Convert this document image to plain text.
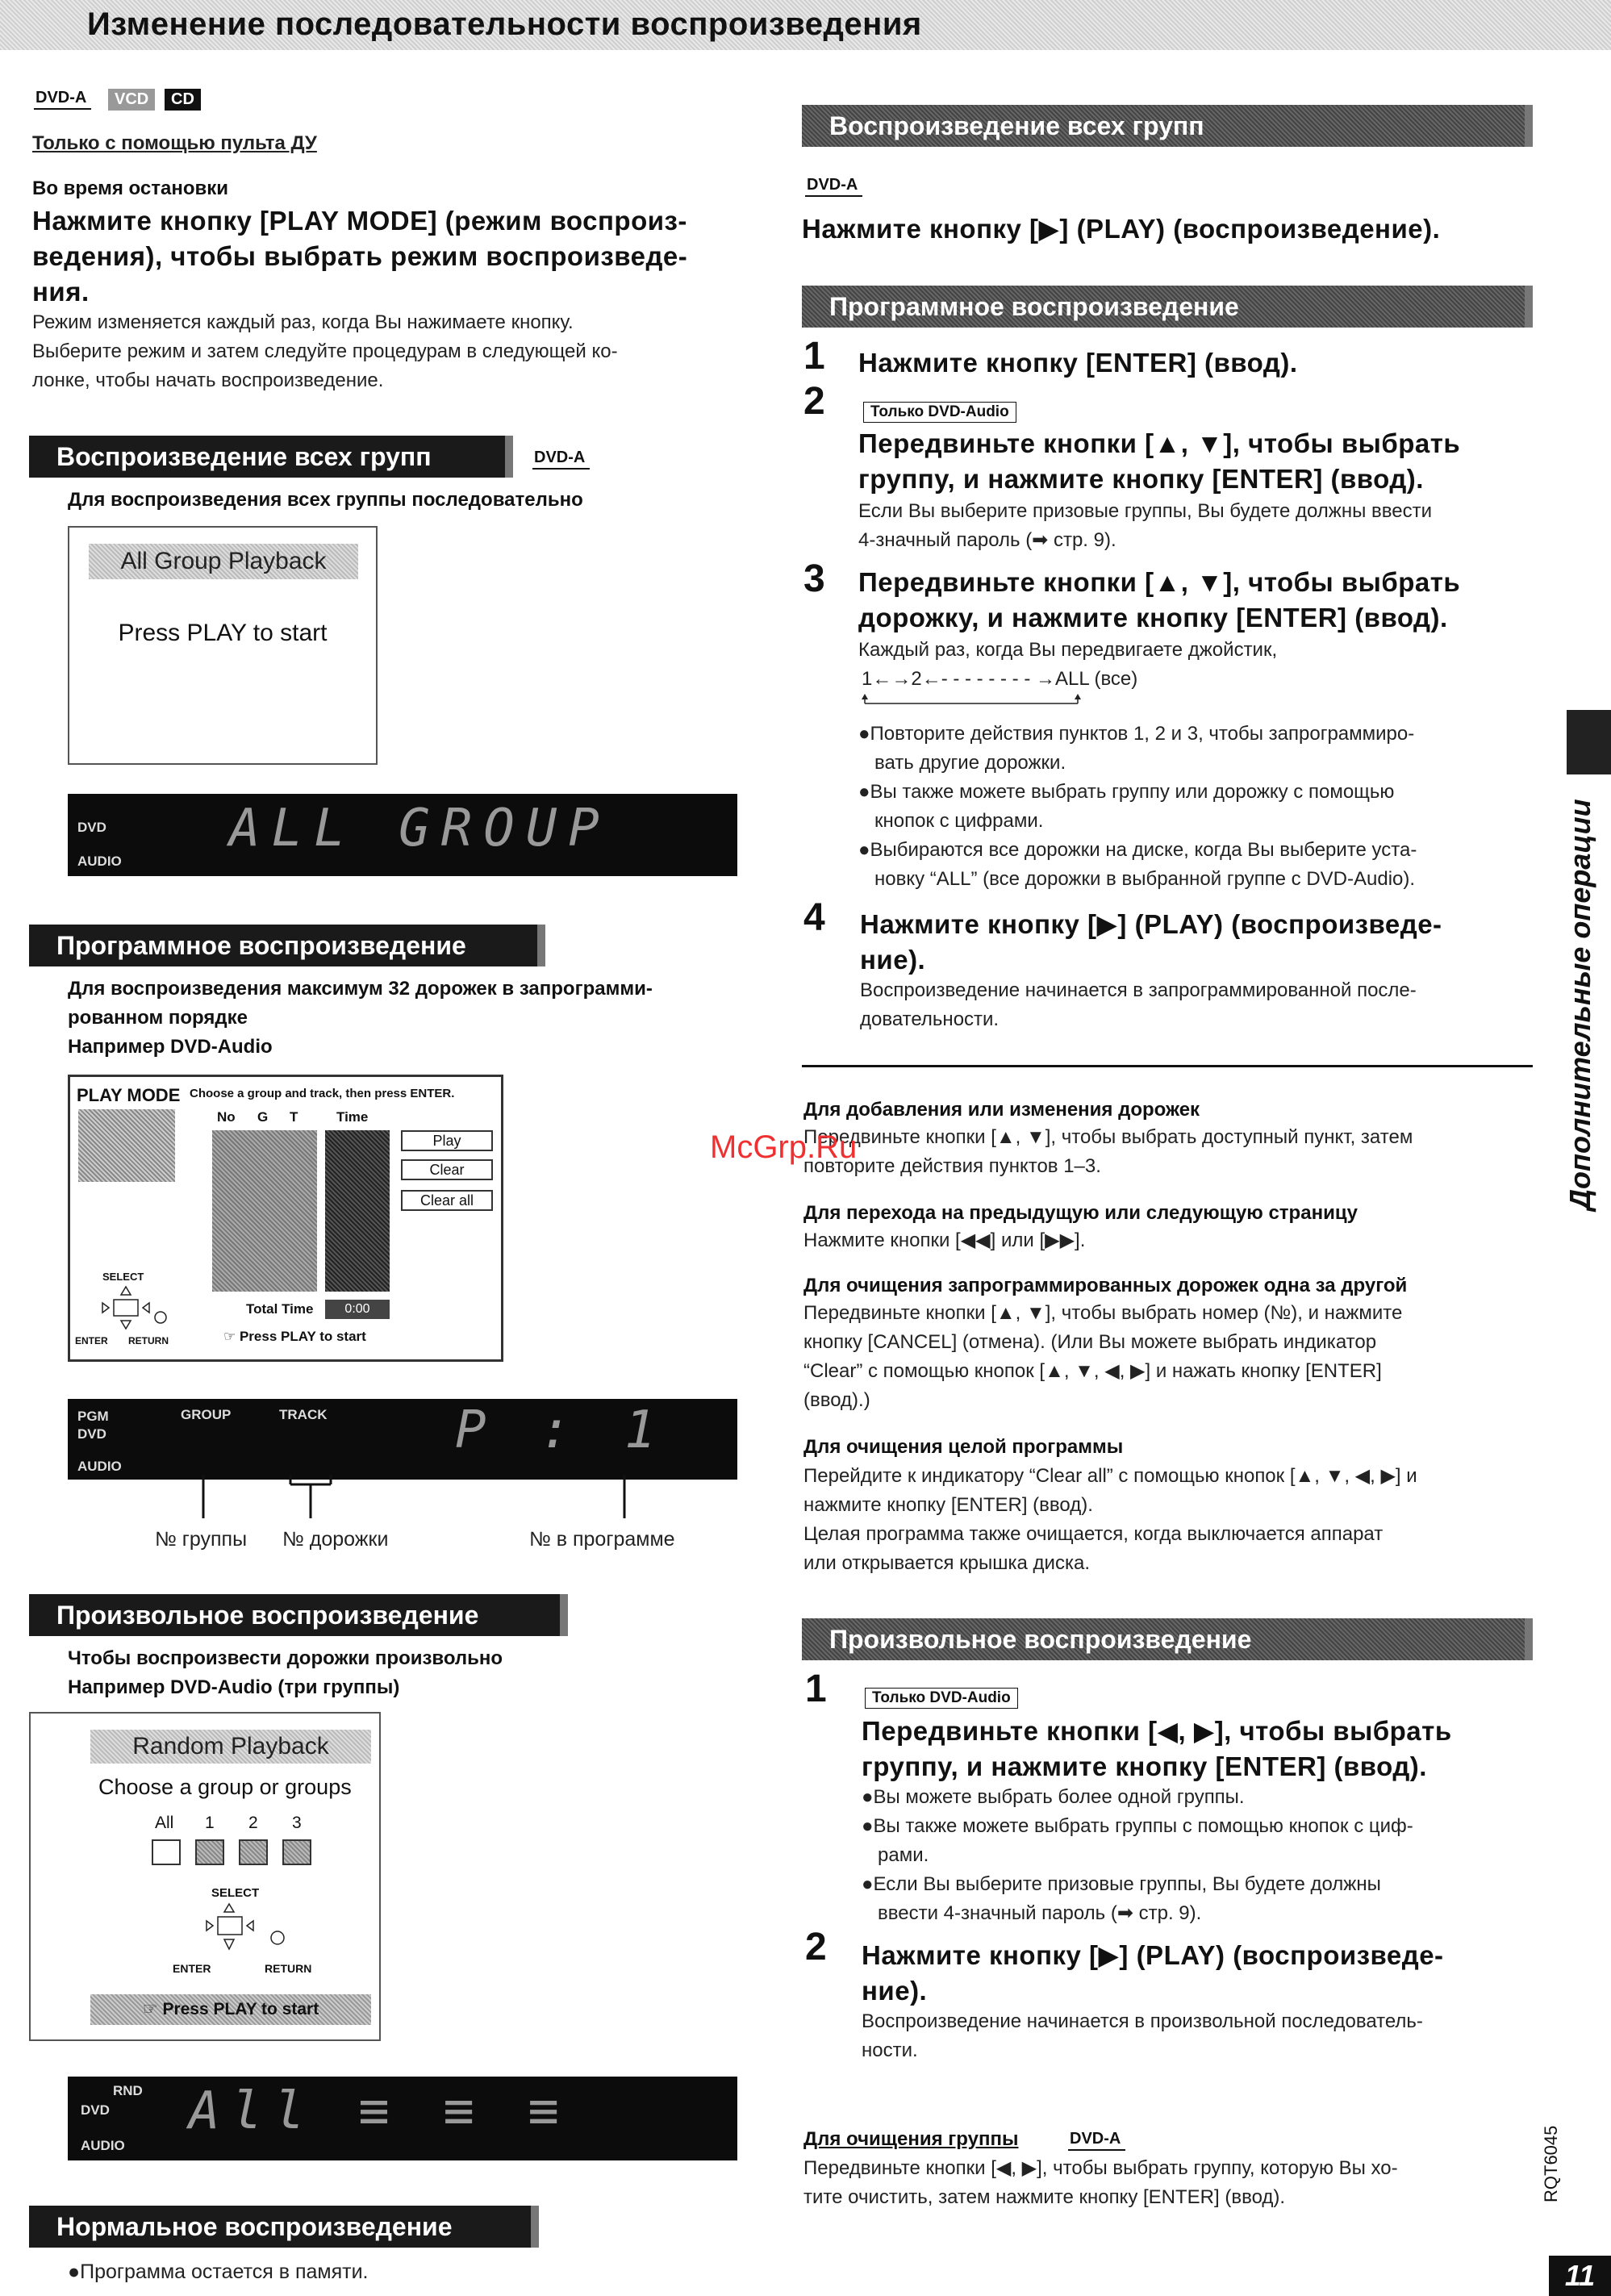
Изменение последовательности воспроизведения
DVD-A	VCD	CD
Только с помощью пульта ДУ
Во время остановки
Нажмите кнопку [PLAY MODE] (режим воспроиз-
ведения), чтобы выбрать режим воспроизведе-
ния.
Режим изменяется каждый раз, когда Вы нажимаете кнопку.
Выберите режим и затем следуйте процедурам в следующей ко-
лонке, чтобы начать воспроизведение.
Воспроизведение всех групп	DVD-A
Для воспроизведения всех группы последовательно
All Group Playback
Press PLAY to start
DVD
AUDIO
ALL GROUP
Программное воспроизведение
Для воспроизведения максимум 32 дорожек в запрограмми-
рованном порядке
Например DVD-Audio
PLAY MODE Choose a group and track, then press ENTER.
No G T	Time
Play
Clear
Clear all
SELECT
ENTER RETURN
Total Time	0:00
☞ Press PLAY to start
PGM
DVD
AUDIO
GROUP	TRACK P : 1
№ группы № дорожки	№ в программе
Произвольное воспроизведение
Чтобы воспроизвести дорожки произвольно
Например DVD-Audio (три группы)
Random Playback
Choose a group or groups
All 1 2 3
SELECT
ENTER	RETURN
☞ Press PLAY to start
RND
DVD
AUDIO
All ≡ ≡ ≡
Нормальное воспроизведение
●Программа остается в памяти.
Воспроизведение всех групп
DVD-A
Нажмите кнопку [▶] (PLAY) (воспроизведение).
Программное воспроизведение
1 Нажмите кнопку [ENTER] (ввод).
2	Только DVD-Audio
Передвиньте кнопки [▲, ▼], чтобы выбрать
группу, и нажмите кнопку [ENTER] (ввод).
Если Вы выберите призовые группы, Вы будете должны ввести
4-значный пароль (➡ стр. 9).
3 Передвиньте кнопки [▲, ▼], чтобы выбрать
дорожку, и нажмите кнопку [ENTER] (ввод).
Каждый раз, когда Вы передвигаете джойстик,
1←→2←- - - - - - - - →ALL (все)
●Повторите действия пунктов 1, 2 и 3, чтобы запрограммиро-
вать другие дорожки.
●Вы также можете выбрать группу или дорожку с помощью
кнопок с цифрами.
●Выбираются все дорожки на диске, когда Вы выберите уста-
новку “ALL” (все дорожки в выбранной группе с DVD-Audio).
4 Нажмите кнопку [▶] (PLAY) (воспроизведе-
ние).
Воспроизведение начинается в запрограммированной после-
довательности.
Для добавления или изменения дорожек
Передвиньте кнопки [▲, ▼], чтобы выбрать доступный пункт, затем
повторите действия пунктов 1–3.
Для перехода на предыдущую или следующую страницу
Нажмите кнопки [◀◀] или [▶▶].
Для очищения запрограммированных дорожек одна за другой
Передвиньте кнопки [▲, ▼], чтобы выбрать номер (№), и нажмите
кнопку [CANCEL] (отмена). (Или Вы можете выбрать индикатор
“Clear” с помощью кнопок [▲, ▼, ◀, ▶] и нажать кнопку [ENTER]
(ввод).)
Для очищения целой программы
Перейдите к индикатору “Clear all” с помощью кнопок [▲, ▼, ◀, ▶] и
нажмите кнопку [ENTER] (ввод).
Целая программа также очищается, когда выключается аппарат
или открывается крышка диска.
Произвольное воспроизведение
1	Только DVD-Audio
Передвиньте кнопки [◀, ▶], чтобы выбрать
группу, и нажмите кнопку [ENTER] (ввод).
●Вы можете выбрать более одной группы.
●Вы также можете выбрать группы с помощью кнопок с циф-
рами.
●Если Вы выберите призовые группы, Вы будете должны
ввести 4-значный пароль (➡ стр. 9).
2 Нажмите кнопку [▶] (PLAY) (воспроизведе-
ние).
Воспроизведение начинается в произвольной последователь-
ности.
Для очищения группы	DVD-A
Передвиньте кнопки [◀, ▶], чтобы выбрать группу, которую Вы хо-
тите очистить, затем нажмите кнопку [ENTER] (ввод).
Дополнительные операции
RQT6045
11
McGrp.Ru
